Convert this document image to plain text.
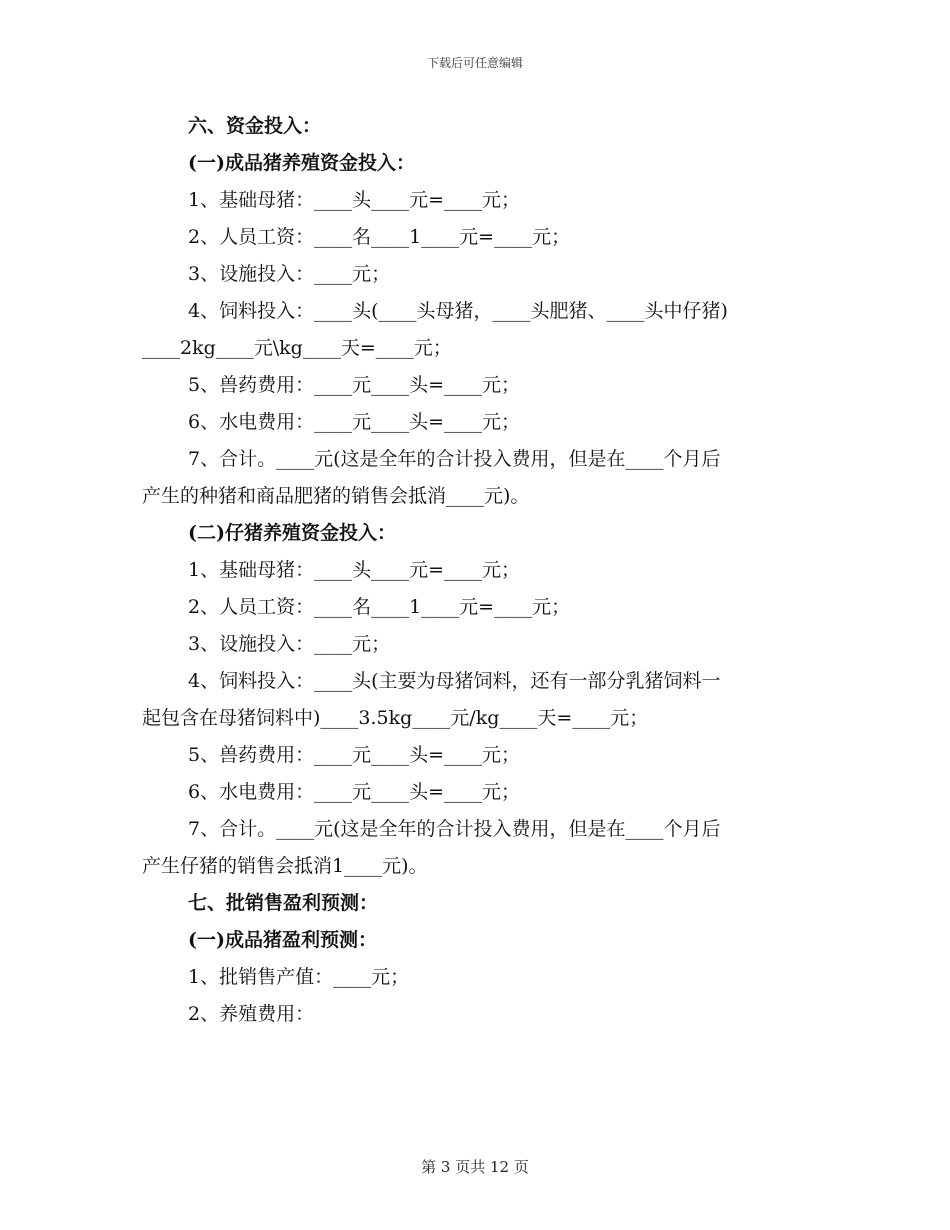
下载后可任意编辑
六、资金投入：
(一)成品猪养殖资金投入：
1、基础母猪：____头____元=____元；
2、人员工资：____名____1____元=____元；
3、设施投入：____元；
4、饲料投入：____头(____头母猪，____头肥猪、____头中仔猪)
____2kg____元\kg____天=____元；
5、兽药费用：____元____头=____元；
6、水电费用：____元____头=____元；
7、合计。____元(这是全年的合计投入费用，但是在____个月后
产生的种猪和商品肥猪的销售会抵消____元)。
(二)仔猪养殖资金投入：
1、基础母猪：____头____元=____元；
2、人员工资：____名____1____元=____元；
3、设施投入：____元；
4、饲料投入：____头(主要为母猪饲料，还有一部分乳猪饲料一
起包含在母猪饲料中)____3.5kg____元/kg____天=____元；
5、兽药费用：____元____头=____元；
6、水电费用：____元____头=____元；
7、合计。____元(这是全年的合计投入费用，但是在____个月后
产生仔猪的销售会抵消1____元)。
七、批销售盈利预测：
(一)成品猪盈利预测：
1、批销售产值：____元；
2、养殖费用：
第 3 页共 12 页
